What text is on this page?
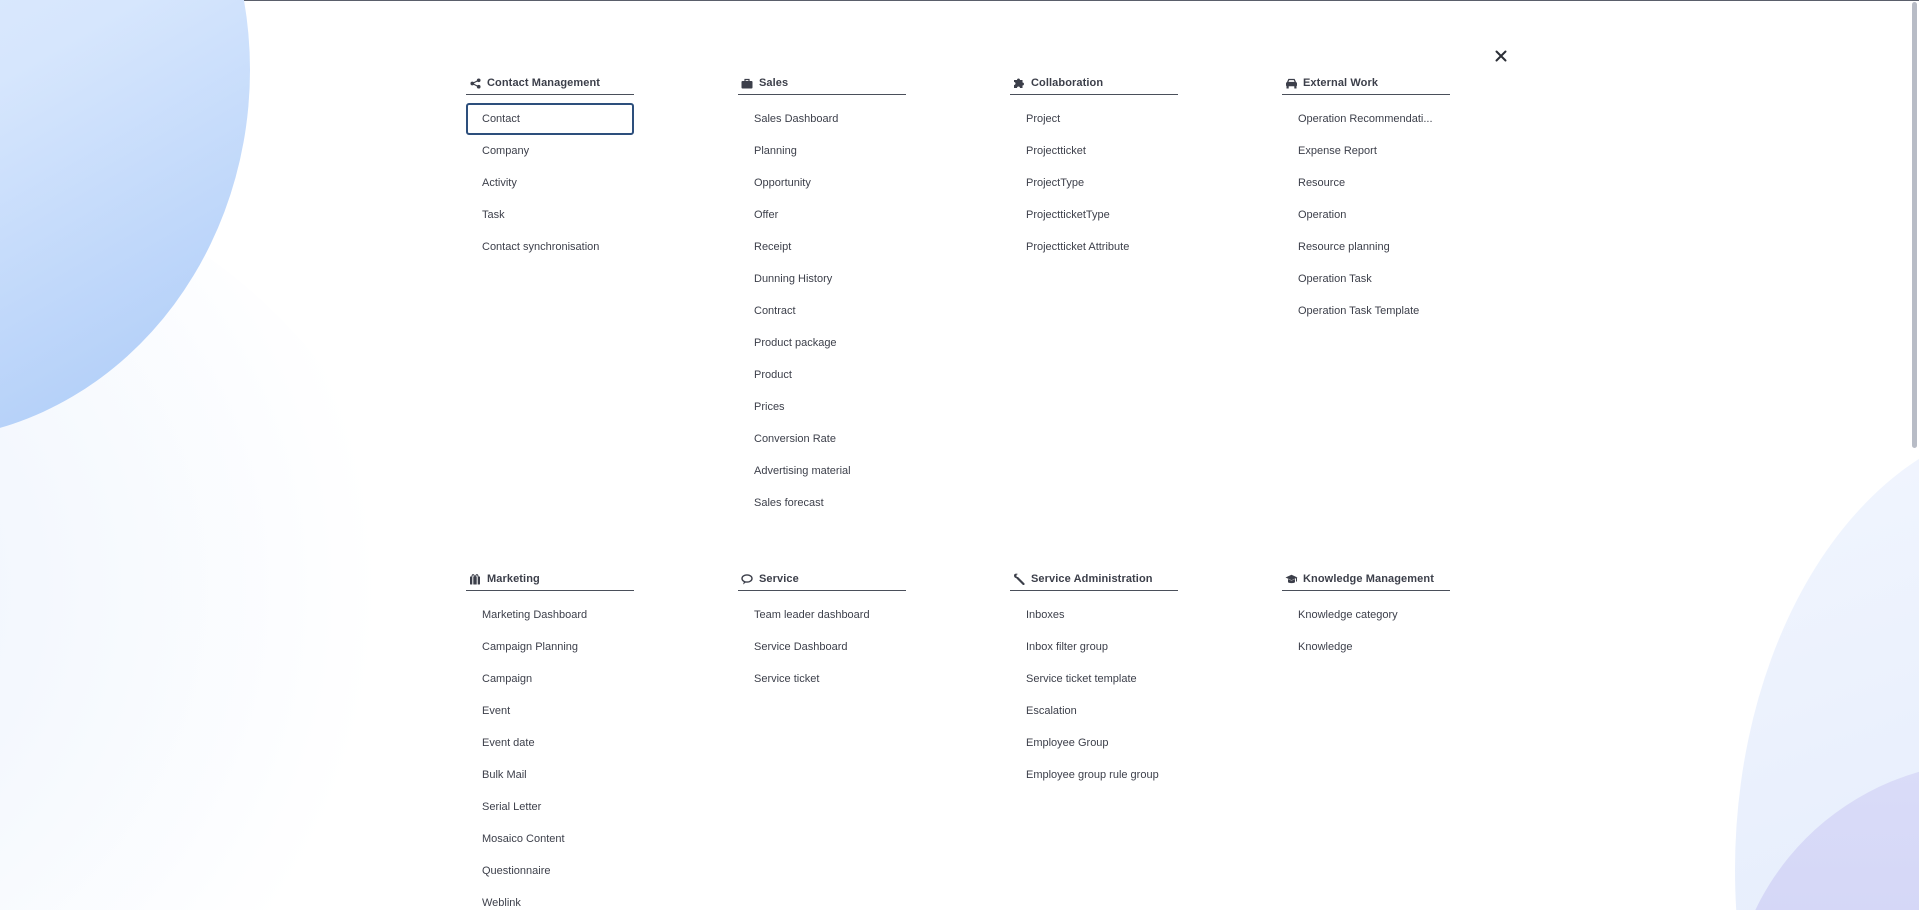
Contact Management
Contact
Company
Activity
Task
Contact synchronisation
Sales
Sales Dashboard
Planning
Opportunity
Offer
Receipt
Dunning History
Contract
Product package
Product
Prices
Conversion Rate
Advertising material
Sales forecast
Collaboration
Project
Projectticket
ProjectType
ProjectticketType
Projectticket Attribute
External Work
Operation Recommendati...
Expense Report
Resource
Operation
Resource planning
Operation Task
Operation Task Template
Marketing
Marketing Dashboard
Campaign Planning
Campaign
Event
Event date
Bulk Mail
Serial Letter
Mosaico Content
Questionnaire
Weblink
Service
Team leader dashboard
Service Dashboard
Service ticket
Service Administration
Inboxes
Inbox filter group
Service ticket template
Escalation
Employee Group
Employee group rule group
Knowledge Management
Knowledge category
Knowledge
